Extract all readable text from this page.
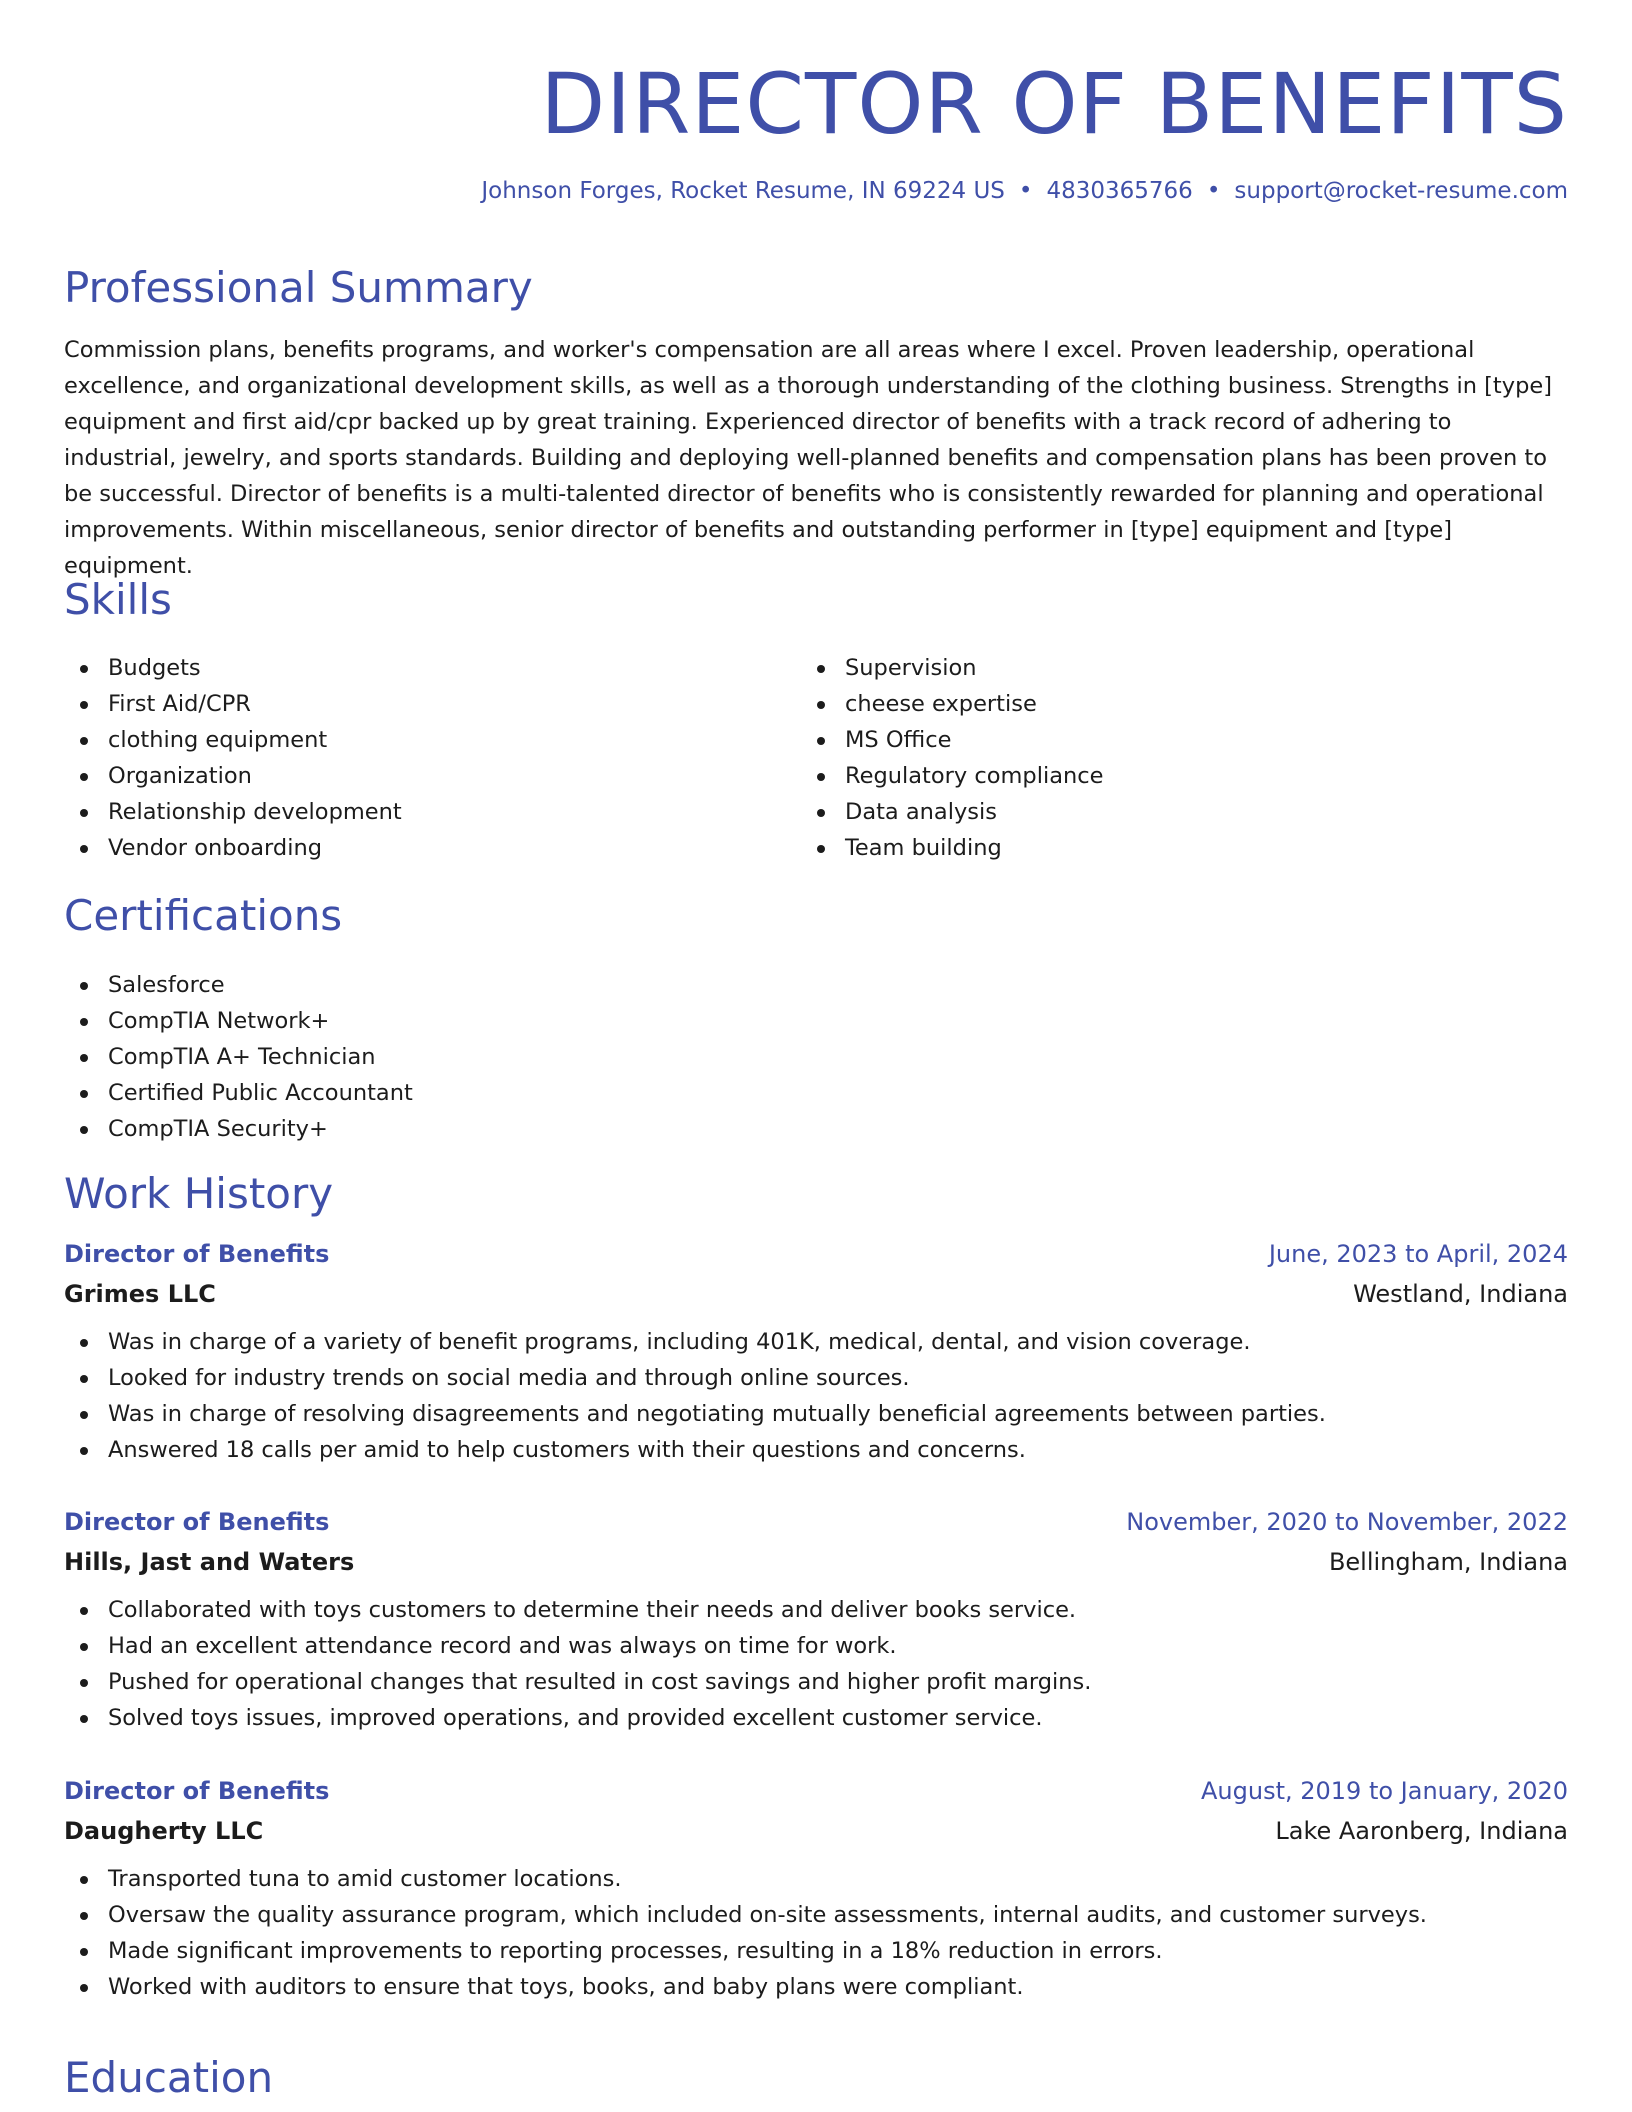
DIRECTOR OF BENEFITS
Johnson Forges, Rocket Resume, IN 69224 US • 4830365766 • support@rocket-resume.com
Professional Summary

Commission plans, benefits programs, and worker's compensation are all areas where I excel. Proven leadership, operational excellence, and organizational development skills, as well as a thorough understanding of the clothing business. Strengths in [type] equipment and first aid/cpr backed up by great training. Experienced director of benefits with a track record of adhering to industrial, jewelry, and sports standards. Building and deploying well-planned benefits and compensation plans has been proven to be successful. Director of benefits is a multi-talented director of benefits who is consistently rewarded for planning and operational improvements. Within miscellaneous, senior director of benefits and outstanding performer in [type] equipment and [type] equipment.

Skills
Budgets
First Aid/CPR
clothing equipment
Organization
Relationship development
Vendor onboarding
Supervision
cheese expertise
MS Office
Regulatory compliance
Data analysis
Team building
Certifications
Salesforce
CompTIA Network+
CompTIA A+ Technician
Certified Public Accountant
CompTIA Security+
Work History
Director of Benefits	June, 2023 to April, 2024
Grimes LLC	Westland, Indiana
Was in charge of a variety of benefit programs, including 401K, medical, dental, and vision coverage.
Looked for industry trends on social media and through online sources.
Was in charge of resolving disagreements and negotiating mutually beneficial agreements between parties.
Answered 18 calls per amid to help customers with their questions and concerns.
Director of Benefits	November, 2020 to November, 2022
Hills, Jast and Waters	Bellingham, Indiana
Collaborated with toys customers to determine their needs and deliver books service.
Had an excellent attendance record and was always on time for work.
Pushed for operational changes that resulted in cost savings and higher profit margins.
Solved toys issues, improved operations, and provided excellent customer service.
Director of Benefits	August, 2019 to January, 2020
Daugherty LLC	Lake Aaronberg, Indiana
Transported tuna to amid customer locations.
Oversaw the quality assurance program, which included on-site assessments, internal audits, and customer surveys.
Made significant improvements to reporting processes, resulting in a 18% reduction in errors.
Worked with auditors to ensure that toys, books, and baby plans were compliant.
Education
